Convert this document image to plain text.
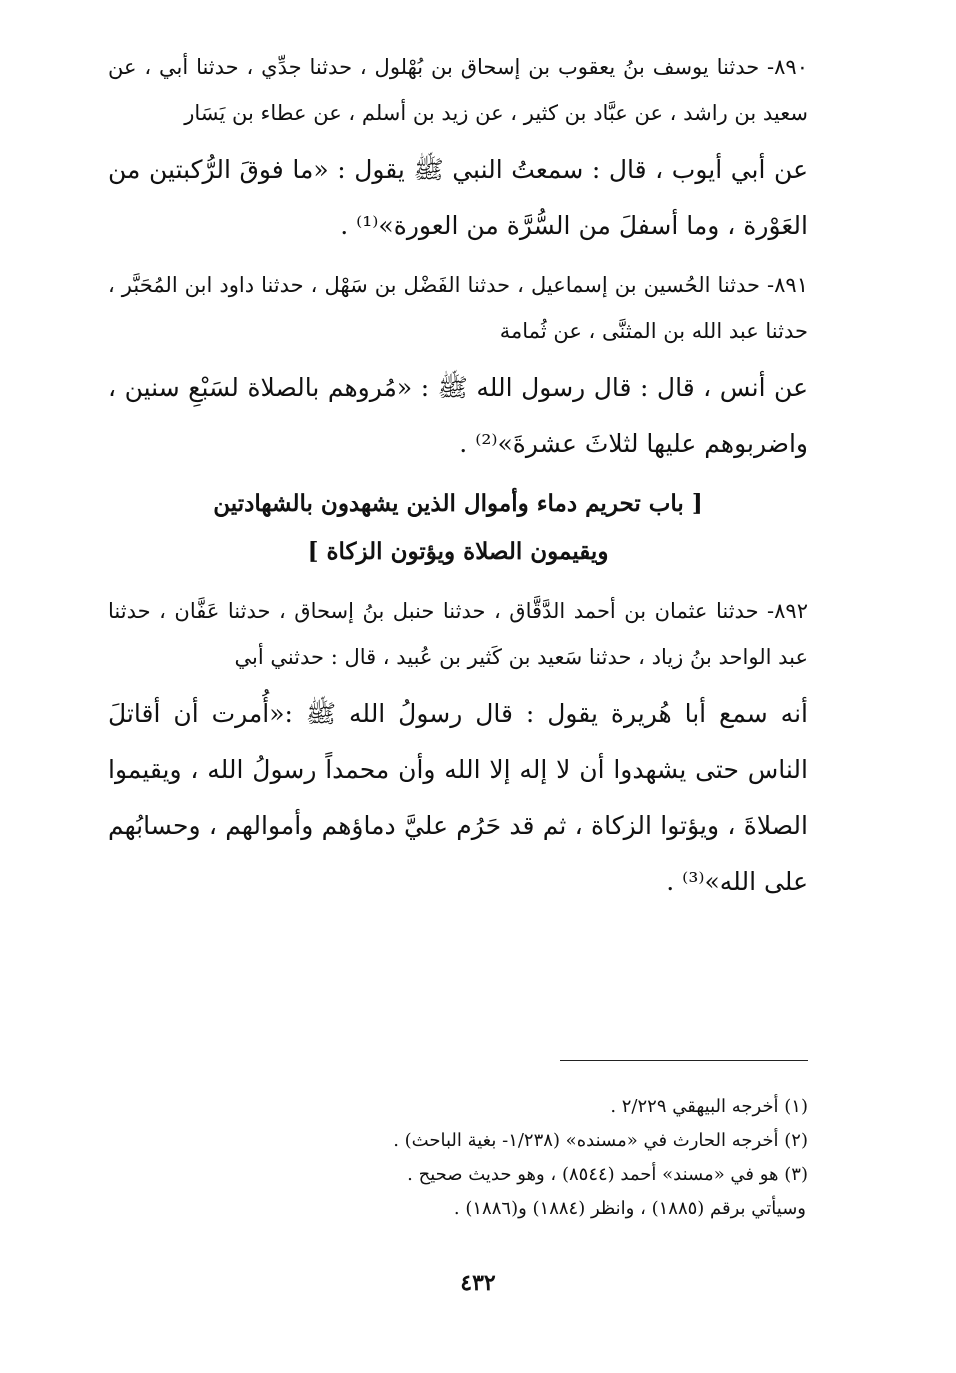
٨٩٠- حدثنا يوسف بنُ يعقوب بن إسحاق بن بُهْلول ، حدثنا جدِّي ، حدثنا أبي ، عن سعيد بن راشد ، عن عبَّاد بن كثير ، عن زيد بن أسلم ، عن عطاء بن يَسَار

عن أبي أيوب ، قال : سمعتُ النبي ﷺ يقول : «ما فوقَ الرُّكبتين من العَوْرة ، وما أسفلَ من السُّرَّة من العورة»⁽¹⁾ .

٨٩١- حدثنا الحُسين بن إسماعيل ، حدثنا الفَضْل بن سَهْل ، حدثنا داود ابن المُحَبَّر ، حدثنا عبد الله بن المثنَّى ، عن ثُمامة

عن أنس ، قال : قال رسول الله ﷺ : «مُروهم بالصلاة لسَبْعِ سنين ، واضربوهم عليها لثلاثَ عشرةَ»⁽²⁾ .

[ باب تحريم دماء وأموال الذين يشهدون بالشهادتين
ويقيمون الصلاة ويؤتون الزكاة ]

٨٩٢- حدثنا عثمان بن أحمد الدَّقَّاق ، حدثنا حنبل بنُ إسحاق ، حدثنا عَفَّان ، حدثنا عبد الواحد بنُ زياد ، حدثنا سَعيد بن كَثير بن عُبيد ، قال : حدثني أبي

أنه سمع أبا هُريرة يقول : قال رسولُ الله ﷺ :«أُمرت أن أقاتلَ الناس حتى يشهدوا أن لا إله إلا الله وأن محمداً رسولُ الله ، ويقيموا الصلاةَ ، ويؤتوا الزكاة ، ثم قد حَرُم عليَّ دماؤهم وأموالهم ، وحسابُهم على الله»⁽³⁾ .

(١) أخرجه البيهقي ٢/٢٢٩ .
(٢) أخرجه الحارث في «مسنده» (١/٢٣٨- بغية الباحث) .
(٣) هو في «مسند» أحمد (٨٥٤٤) ، وهو حديث صحيح .
وسيأتي برقم (١٨٨٥) ، وانظر (١٨٨٤) و(١٨٨٦) .
٤٣٢
